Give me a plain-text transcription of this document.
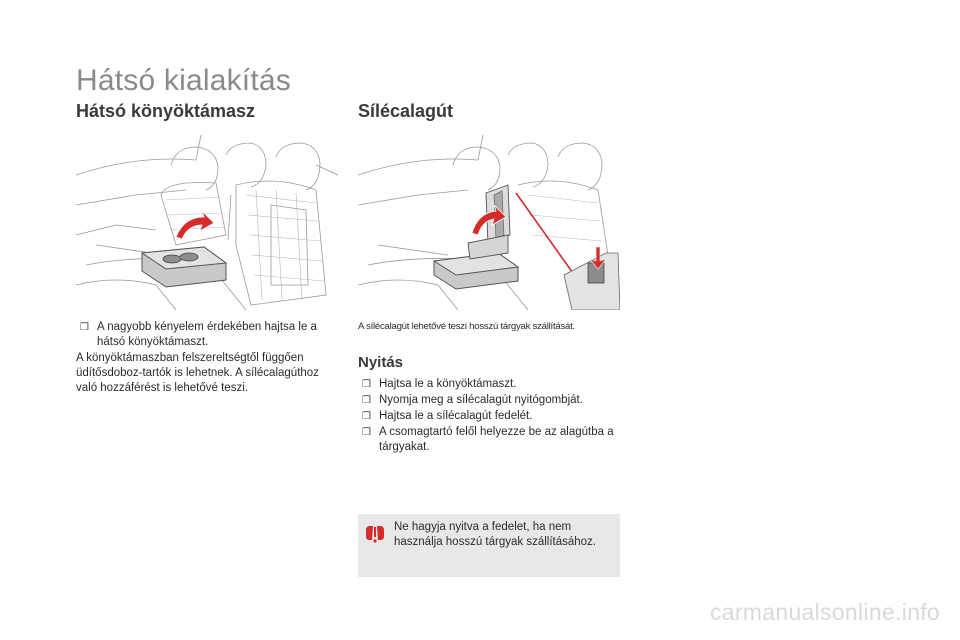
Hátsó kialakítás
Hátsó könyöktámasz
❒ A nagyobb kényelem érdekében hajtsa le a hátsó könyöktámaszt.
A könyöktámaszban felszereltségtől függően üdítősdoboz-tartók is lehetnek. A sílécalagúthoz való hozzáférést is lehetővé teszi.
Sílécalagút
A sílécalagút lehetővé teszi hosszú tárgyak szállítását.
Nyitás
❒ Hajtsa le a könyöktámaszt.
❒ Nyomja meg a sílécalagút nyitógombját.
❒ Hajtsa le a sílécalagút fedelét.
❒ A csomagtartó felől helyezze be az alagútba a tárgyakat.
Ne hagyja nyitva a fedelet, ha nem használja hosszú tárgyak szállításához.
carmanualsonline.info
